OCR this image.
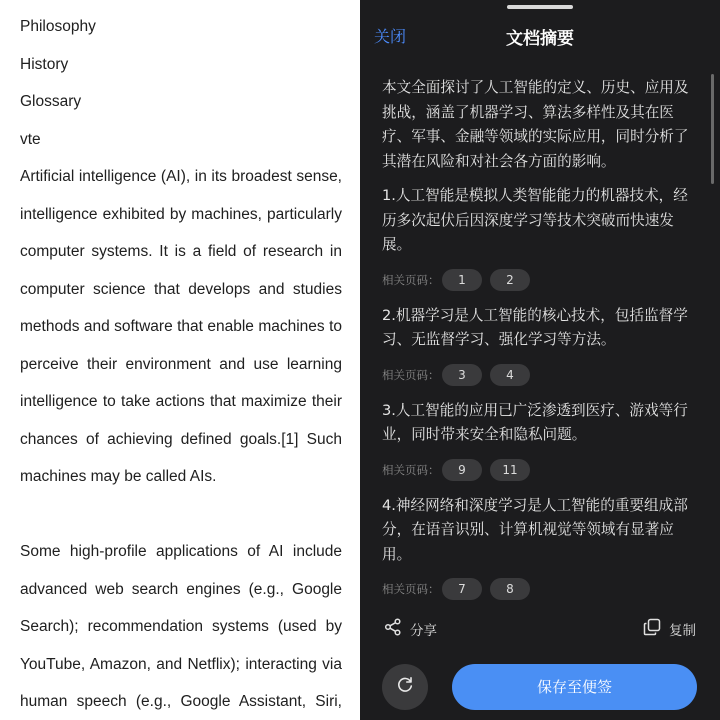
Philosophy
History
Glossary
vte
Artificial intelligence (AI), in its broadest sense,
intelligence exhibited by machines, particularly
computer systems. It is a field of research in
computer science that develops and studies
methods and software that enable machines to
perceive their environment and use learning
intelligence to take actions that maximize their
chances of achieving defined goals.[1] Such
machines may be called AIs.
Some high-profile applications of AI include
advanced web search engines (e.g., Google
Search); recommendation systems (used by
YouTube, Amazon, and Netflix); interacting via
human speech (e.g., Google Assistant, Siri,
关闭	文档摘要

本文全面探讨了人工智能的定义、历史、应用及挑战，涵盖了机器学习、算法多样性及其在医疗、军事、金融等领域的实际应用，同时分析了其潜在风险和对社会各方面的影响。

1.人工智能是模拟人类智能能力的机器技术，经历多次起伏后因深度学习等技术突破而快速发展。

相关页码：	1	2

2.机器学习是人工智能的核心技术，包括监督学习、无监督学习、强化学习等方法。

相关页码：	3	4

3.人工智能的应用已广泛渗透到医疗、游戏等行业，同时带来安全和隐私问题。

相关页码：	9	11

4.神经网络和深度学习是人工智能的重要组成部分，在语音识别、计算机视觉等领域有显著应用。

相关页码：	7	8
分享	复制
保存至便签
